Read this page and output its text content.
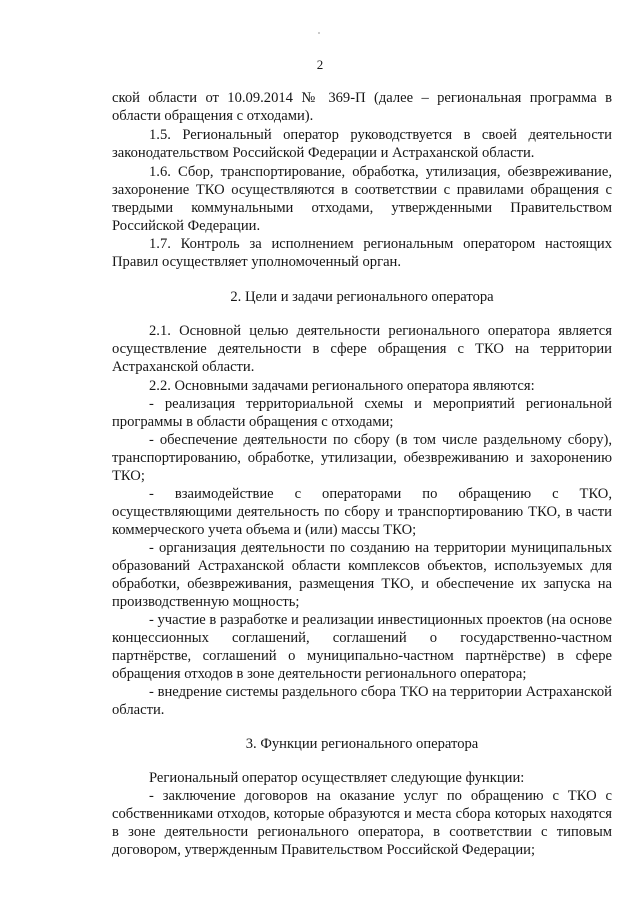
2
ской области от 10.09.2014 № 369-П (далее – региональная программа в области обращения с отходами).
1.5. Региональный оператор руководствуется в своей деятельности законодательством Российской Федерации и Астраханской области.
1.6. Сбор, транспортирование, обработка, утилизация, обезвреживание, захоронение ТКО осуществляются в соответствии с правилами обращения с твердыми коммунальными отходами, утвержденными Правительством Российской Федерации.
1.7. Контроль за исполнением региональным оператором настоящих Правил осуществляет уполномоченный орган.
2. Цели и задачи регионального оператора
2.1. Основной целью деятельности регионального оператора является осуществление деятельности в сфере обращения с ТКО на территории Астраханской области.
2.2. Основными задачами регионального оператора являются:
- реализация территориальной схемы и мероприятий региональной программы в области обращения с отходами;
- обеспечение деятельности по сбору (в том числе раздельному сбору), транспортированию, обработке, утилизации, обезвреживанию и захоронению ТКО;
- взаимодействие с операторами по обращению с ТКО, осуществляющими деятельность по сбору и транспортированию ТКО, в части коммерческого учета объема и (или) массы ТКО;
- организация деятельности по созданию на территории муниципальных образований Астраханской области комплексов объектов, используемых для обработки, обезвреживания, размещения ТКО, и обеспечение их запуска на производственную мощность;
- участие в разработке и реализации инвестиционных проектов (на основе концессионных соглашений, соглашений о государственно-частном партнёрстве, соглашений о муниципально-частном партнёрстве) в сфере обращения отходов в зоне деятельности регионального оператора;
- внедрение системы раздельного сбора ТКО на территории Астраханской области.
3. Функции регионального оператора
Региональный оператор осуществляет следующие функции:
- заключение договоров на оказание услуг по обращению с ТКО с собственниками отходов, которые образуются и места сбора которых находятся в зоне деятельности регионального оператора, в соответствии с типовым договором, утвержденным Правительством Российской Федерации;
